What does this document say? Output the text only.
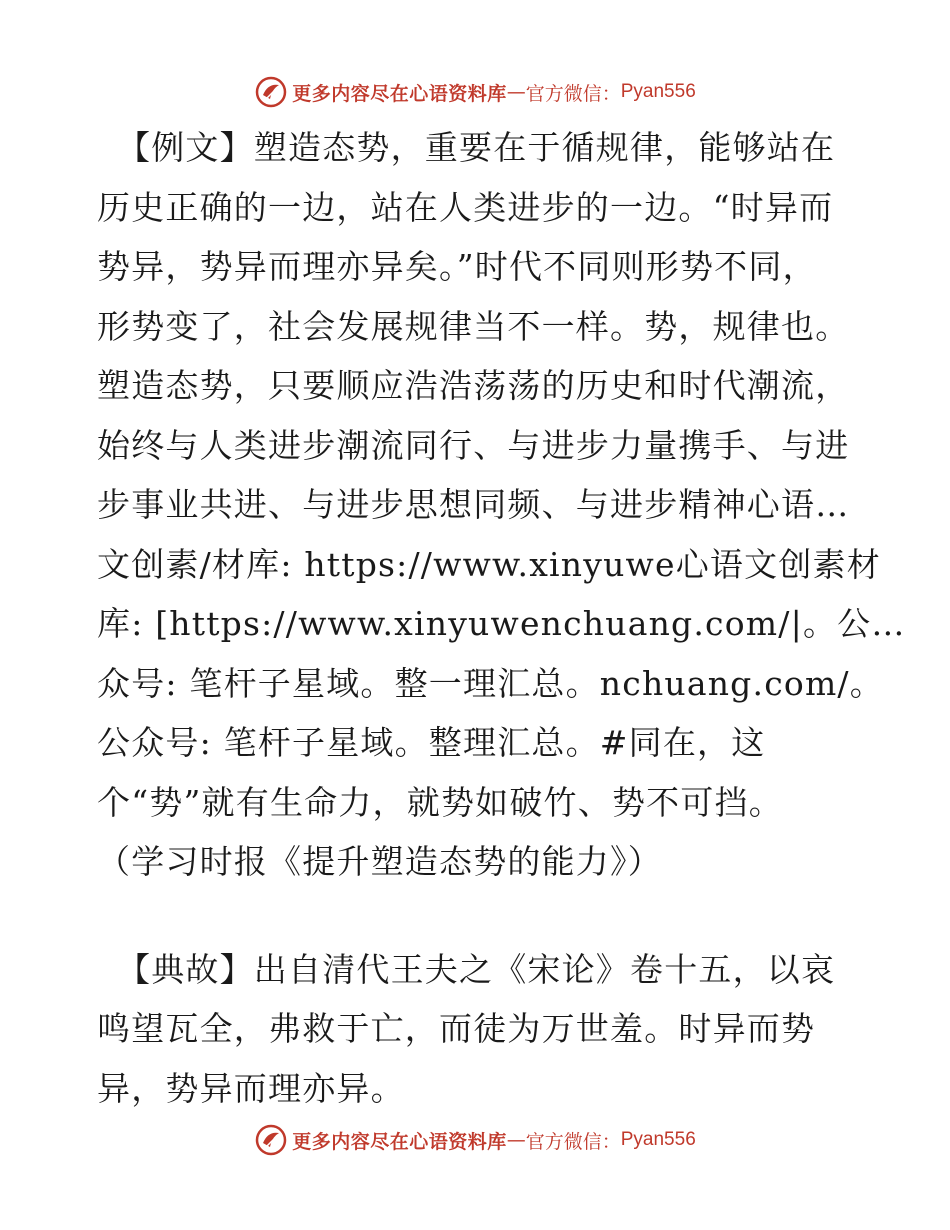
更多内容尽在心语资料库 — 官方微信： Pyan556
【例文】塑造态势，重要在于循规律，能够站在
历史正确的一边，站在人类进步的一边。“时异而
势异，势异而理亦异矣。”时代不同则形势不同，
形势变了，社会发展规律当不一样。势，规律也。
塑造态势，只要顺应浩浩荡荡的历史和时代潮流，
始终与人类进步潮流同行、与进步力量携手、与进
步事业共进、与进步思想同频、与进步精神心语…
文创素/材库: https://www.xinyuwe心语文创素材
库: [https://www.xinyuwenchuang.com/|。公…
众号: 笔杆子星域。整一理汇总。nchuang.com/。
公众号: 笔杆子星域。整理汇总。#同在，这
个“势”就有生命力，就势如破竹、势不可挡。
（学习时报《提升塑造态势的能力》）
【典故】出自清代王夫之《宋论》卷十五，以哀
鸣望瓦全，弗救于亡，而徒为万世羞。时异而势
异，势异而理亦异。
更多内容尽在心语资料库 — 官方微信： Pyan556
